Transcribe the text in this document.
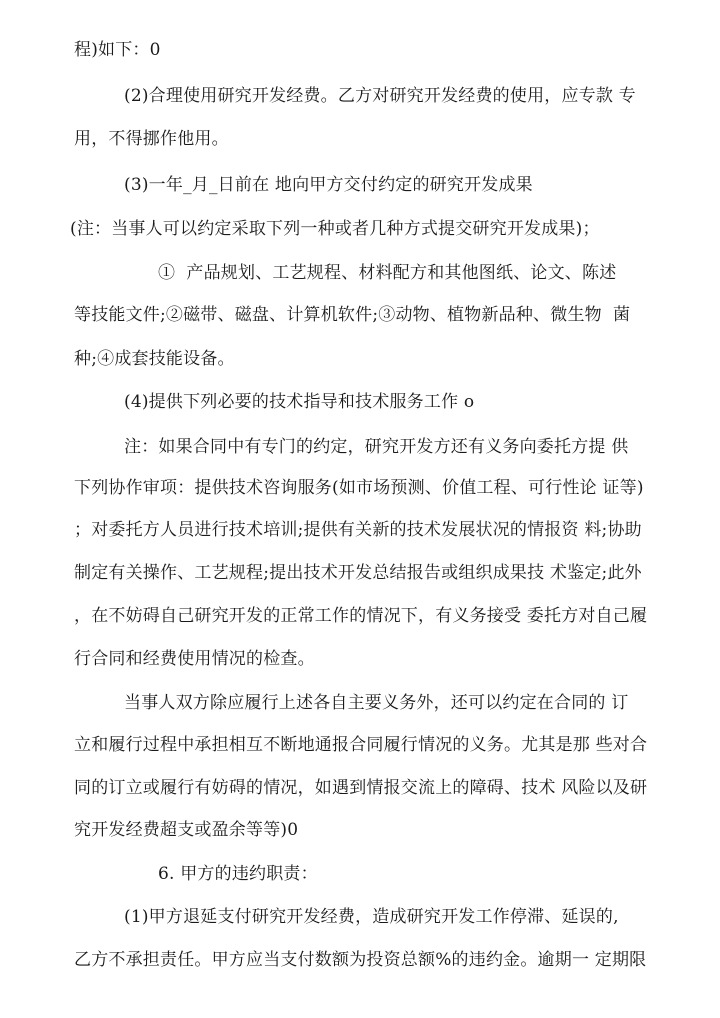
程)如下：0
(2)合理使用研究开发经费。乙方对研究开发经费的使用，应专款 专
用，不得挪作他用。
(3)一年_月_日前在 地向甲方交付约定的研究开发成果
(注：当事人可以约定采取下列一种或者几种方式提交研究开发成果)；
①  产品规划、工艺规程、材料配方和其他图纸、论文、陈述
等技能文件;②磁带、磁盘、计算机软件;③动物、植物新品种、微生物  菌
种;④成套技能设备。
(4)提供下列必要的技术指导和技术服务工作 o
注：如果合同中有专门的约定，研究开发方还有义务向委托方提 供
下列协作审项：提供技术咨询服务(如市场预测、价值工程、可行性论 证等)
；对委托方人员进行技术培训;提供有关新的技术发展状况的情报资 料;协助
制定有关操作、工艺规程;提出技术开发总结报告或组织成果技 术鉴定;此外
，在不妨碍自己研究开发的正常工作的情况下，有义务接受 委托方对自己履
行合同和经费使用情况的检查。
当事人双方除应履行上述各自主要义务外，还可以约定在合同的 订
立和履行过程中承担相互不断地通报合同履行情况的义务。尤其是那 些对合
同的订立或履行有妨碍的情况，如遇到情报交流上的障碍、技术 风险以及研
究开发经费超支或盈余等等)0
6. 甲方的违约职责：
(1)甲方退延支付研究开发经费，造成研究开发工作停滞、延误的,
乙方不承担责任。甲方应当支付数额为投资总额%的违约金。逾期一 定期限
